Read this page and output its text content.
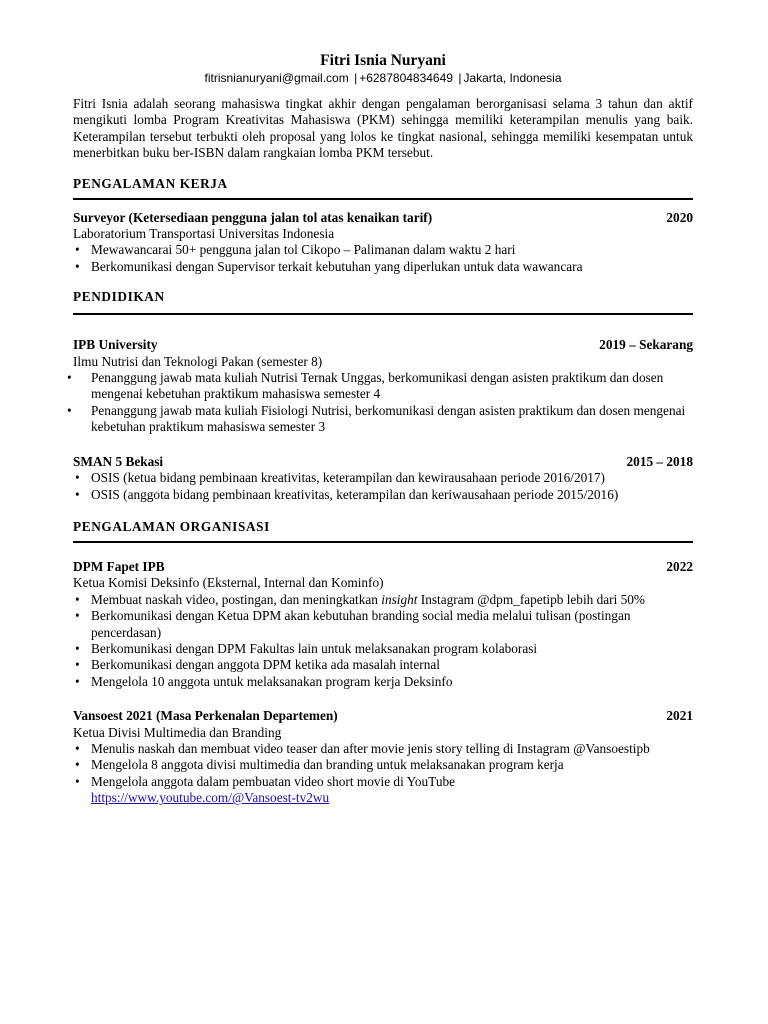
Fitri Isnia Nuryani
fitrisnianuryani@gmail.com | +6287804834649 | Jakarta, Indonesia
Fitri Isnia adalah seorang mahasiswa tingkat akhir dengan pengalaman berorganisasi selama 3 tahun dan aktif mengikuti lomba Program Kreativitas Mahasiswa (PKM) sehingga memiliki keterampilan menulis yang baik. Keterampilan tersebut terbukti oleh proposal yang lolos ke tingkat nasional, sehingga memiliki kesempatan untuk menerbitkan buku ber-ISBN dalam rangkaian lomba PKM tersebut.
PENGALAMAN KERJA
Surveyor (Ketersediaan pengguna jalan tol atas kenaikan tarif)	2020
Laboratorium Transportasi Universitas Indonesia
• Mewawancarai 50+ pengguna jalan tol Cikopo – Palimanan dalam waktu 2 hari
• Berkomunikasi dengan Supervisor terkait kebutuhan yang diperlukan untuk data wawancara
PENDIDIKAN
IPB University	2019 – Sekarang
Ilmu Nutrisi dan Teknologi Pakan (semester 8)
• Penanggung jawab mata kuliah Nutrisi Ternak Unggas, berkomunikasi dengan asisten praktikum dan dosen mengenai kebetuhan praktikum mahasiswa semester 4
• Penanggung jawab mata kuliah Fisiologi Nutrisi, berkomunikasi dengan asisten praktikum dan dosen mengenai kebetuhan praktikum mahasiswa semester 3
SMAN 5 Bekasi	2015 – 2018
• OSIS (ketua bidang pembinaan kreativitas, keterampilan dan kewirausahaan periode 2016/2017)
• OSIS (anggota bidang pembinaan kreativitas, keterampilan dan keriwausahaan periode 2015/2016)
PENGALAMAN ORGANISASI
DPM Fapet IPB	2022
Ketua Komisi Deksinfo (Eksternal, Internal dan Kominfo)
• Membuat naskah video, postingan, dan meningkatkan insight Instagram @dpm_fapetipb lebih dari 50%
• Berkomunikasi dengan Ketua DPM akan kebutuhan branding social media melalui tulisan (postingan pencerdasan)
• Berkomunikasi dengan DPM Fakultas lain untuk melaksanakan program kolaborasi
• Berkomunikasi dengan anggota DPM ketika ada masalah internal
• Mengelola 10 anggota untuk melaksanakan program kerja Deksinfo
Vansoest 2021 (Masa Perkenalan Departemen)	2021
Ketua Divisi Multimedia dan Branding
• Menulis naskah dan membuat video teaser dan after movie jenis story telling di Instagram @Vansoestipb
• Mengelola 8 anggota divisi multimedia dan branding untuk melaksanakan program kerja
• Mengelola anggota dalam pembuatan video short movie di YouTube
https://www.youtube.com/@Vansoest-tv2wu
